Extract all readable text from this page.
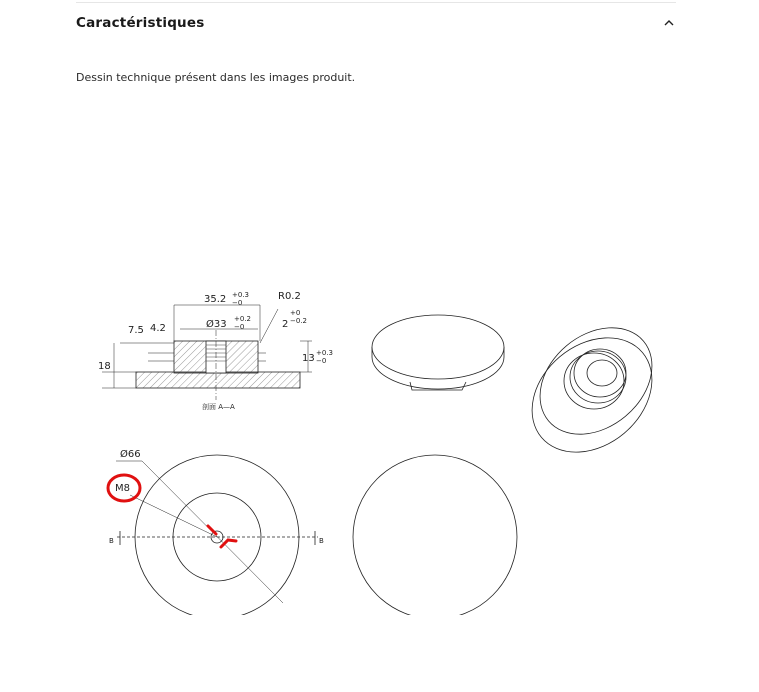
Caractéristiques
Dessin technique présent dans les images produit.
35.2 +0.3
−0
R0.2
Ø33 +0.2
−0	2
+0
−0.2
7.5 4.2
18
13 +0.3
−0
剖面 A—A
Ø66
M8
B	B
